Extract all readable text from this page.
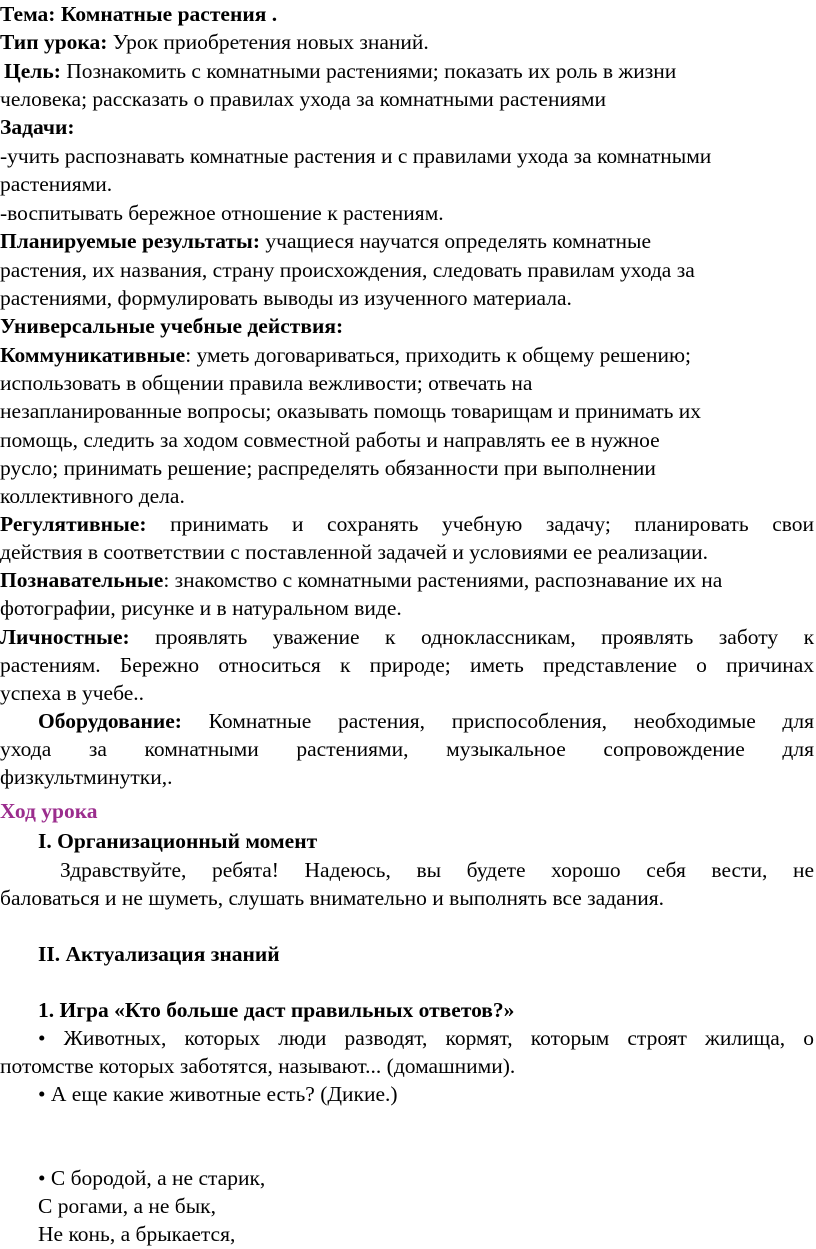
Тема: Комнатные растения .
Тип урока: Урок приобретения новых знаний.
Цель: Познакомить с комнатными растениями; показать их роль в жизни
человека; рассказать о правилах ухода за комнатными растениями
Задачи:
-учить распознавать комнатные растения и с правилами ухода за комнатными
растениями.
-воспитывать бережное отношение к растениям.
Планируемые результаты: учащиеся научатся определять комнатные
растения, их названия, страну происхождения, следовать правилам ухода за
растениями, формулировать выводы из изученного материала.
Универсальные учебные действия:
Коммуникативные: уметь договариваться, приходить к общему решению;
использовать в общении правила вежливости; отвечать на
незапланированные вопросы; оказывать помощь товарищам и принимать их
помощь, следить за ходом совместной работы и направлять ее в нужное
русло; принимать решение; распределять обязанности при выполнении
коллективного дела.
Регулятивные: принимать и сохранять учебную задачу; планировать свои
действия в соответствии с поставленной задачей и условиями ее реализации.
Познавательные: знакомство с комнатными растениями, распознавание их на
фотографии, рисунке и в натуральном виде.
Личностные: проявлять уважение к одноклассникам, проявлять заботу к
растениям. Бережно относиться к природе; иметь представление о причинах
успеха в учебе..
Оборудование: Комнатные растения, приспособления, необходимые для
ухода за комнатными растениями, музыкальное сопровождение для
физкультминутки,.
Ход урока
I. Организационный момент
Здравствуйте, ребята! Надеюсь, вы будете хорошо себя вести, не
баловаться и не шуметь, слушать внимательно и выполнять все задания.
II. Актуализация знаний
1. Игра «Кто больше даст правильных ответов?»
• Животных, которых люди разводят, кормят, которым строят жилища, о
потомстве которых заботятся, называют... (домашними).
• А еще какие животные есть? (Дикие.)
• С бородой, а не старик,
С рогами, а не бык,
Не конь, а брыкается,
